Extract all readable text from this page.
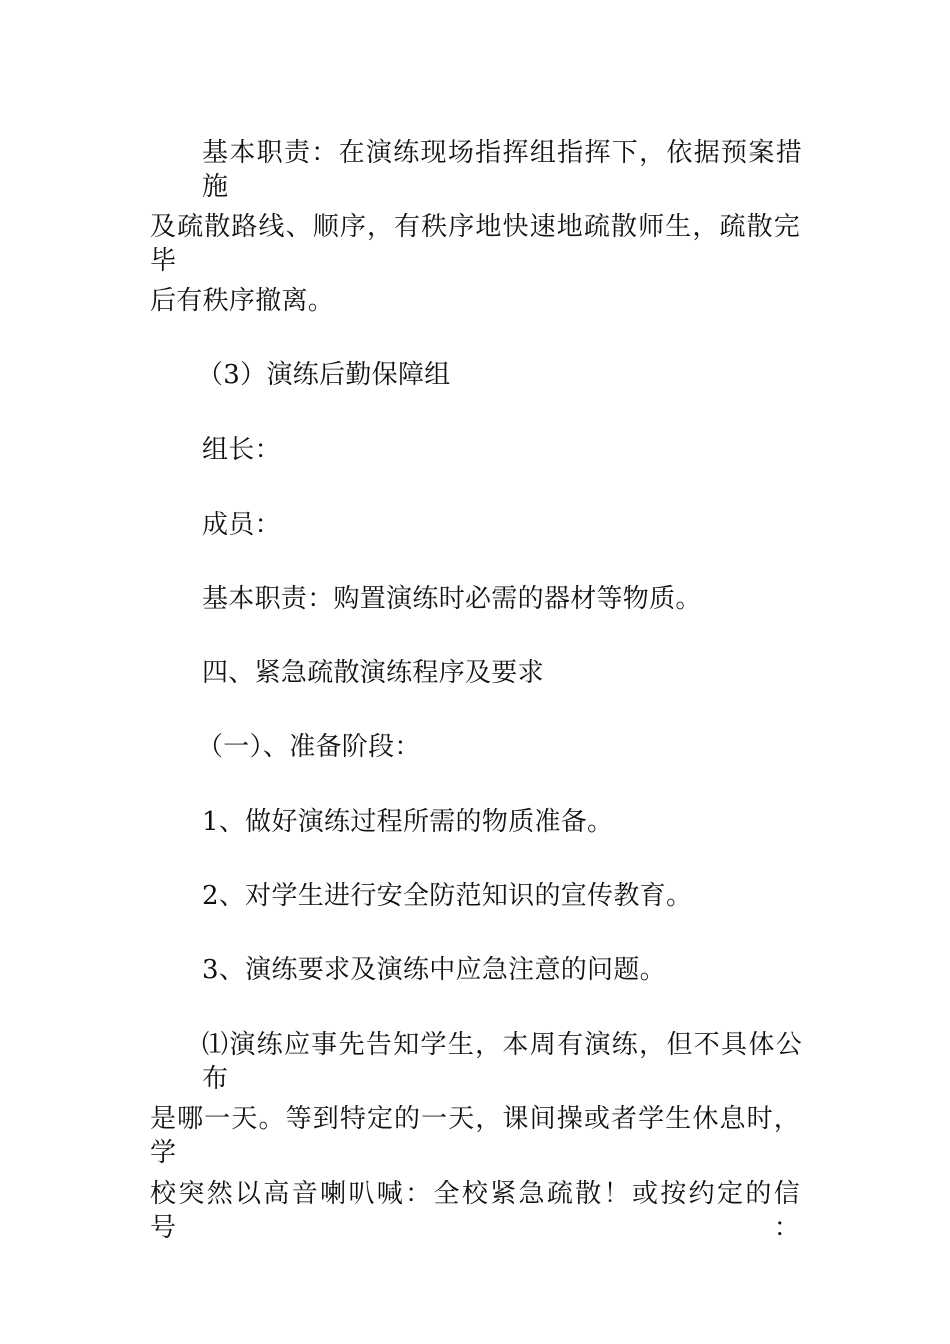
基本职责：在演练现场指挥组指挥下，依据预案措施
及疏散路线、顺序，有秩序地快速地疏散师生，疏散完毕
后有秩序撤离。
（3）演练后勤保障组
组长：
成员：
基本职责：购置演练时必需的器材等物质。
四、紧急疏散演练程序及要求
（一）、准备阶段：
1、做好演练过程所需的物质准备。
2、对学生进行安全防范知识的宣传教育。
3、演练要求及演练中应急注意的问题。
⑴演练应事先告知学生，本周有演练，但不具体公布
是哪一天。等到特定的一天，课间操或者学生休息时，学
校突然以高音喇叭喊：全校紧急疏散！或按约定的信号：
